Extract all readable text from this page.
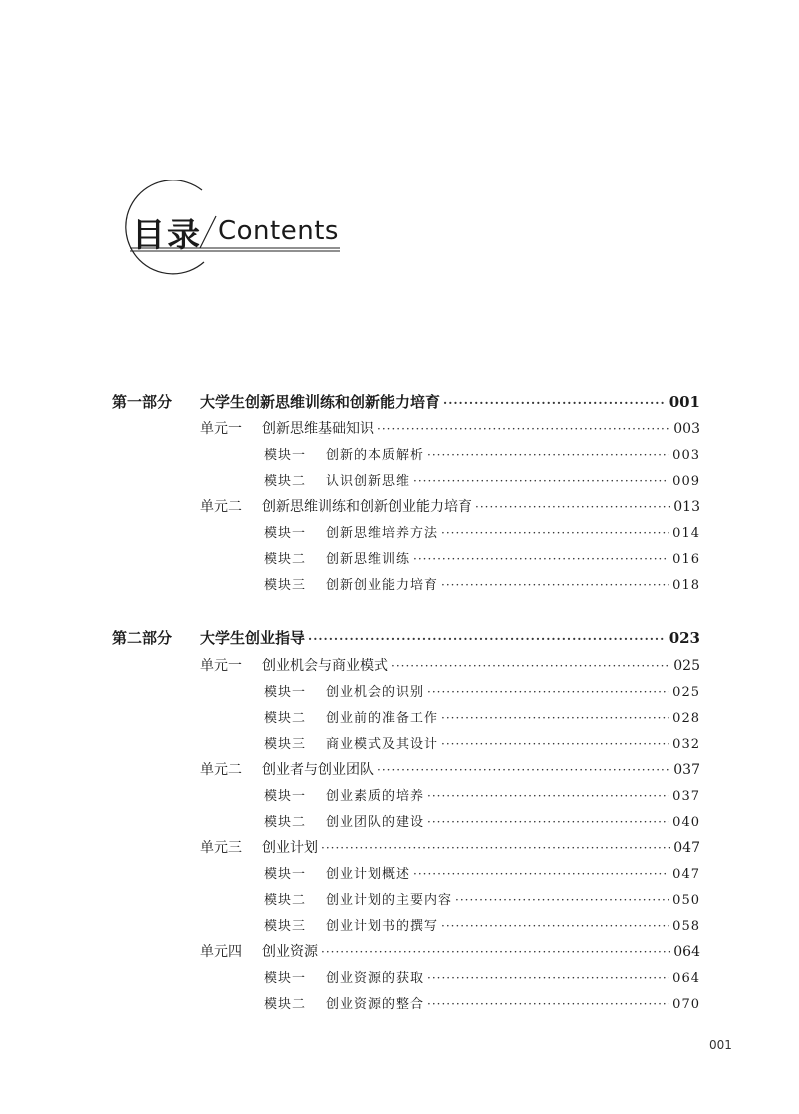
目录 Contents
第一部分	大学生创新思维训练和创新能力培育 ·····	001
单元一	创新思维基础知识 ·····	003
模块一	创新的本质解析 ·····	003
模块二	认识创新思维 ·····	009
单元二	创新思维训练和创新创业能力培育 ·····	013
模块一	创新思维培养方法 ·····	014
模块二	创新思维训练 ·····	016
模块三	创新创业能力培育 ·····	018
第二部分	大学生创业指导 ·····	023
单元一	创业机会与商业模式 ·····	025
模块一	创业机会的识别 ·····	025
模块二	创业前的准备工作 ·····	028
模块三	商业模式及其设计 ·····	032
单元二	创业者与创业团队 ·····	037
模块一	创业素质的培养 ·····	037
模块二	创业团队的建设 ·····	040
单元三	创业计划 ·····	047
模块一	创业计划概述 ·····	047
模块二	创业计划的主要内容 ·····	050
模块三	创业计划书的撰写 ·····	058
单元四	创业资源 ·····	064
模块一	创业资源的获取 ·····	064
模块二	创业资源的整合 ·····	070
001
